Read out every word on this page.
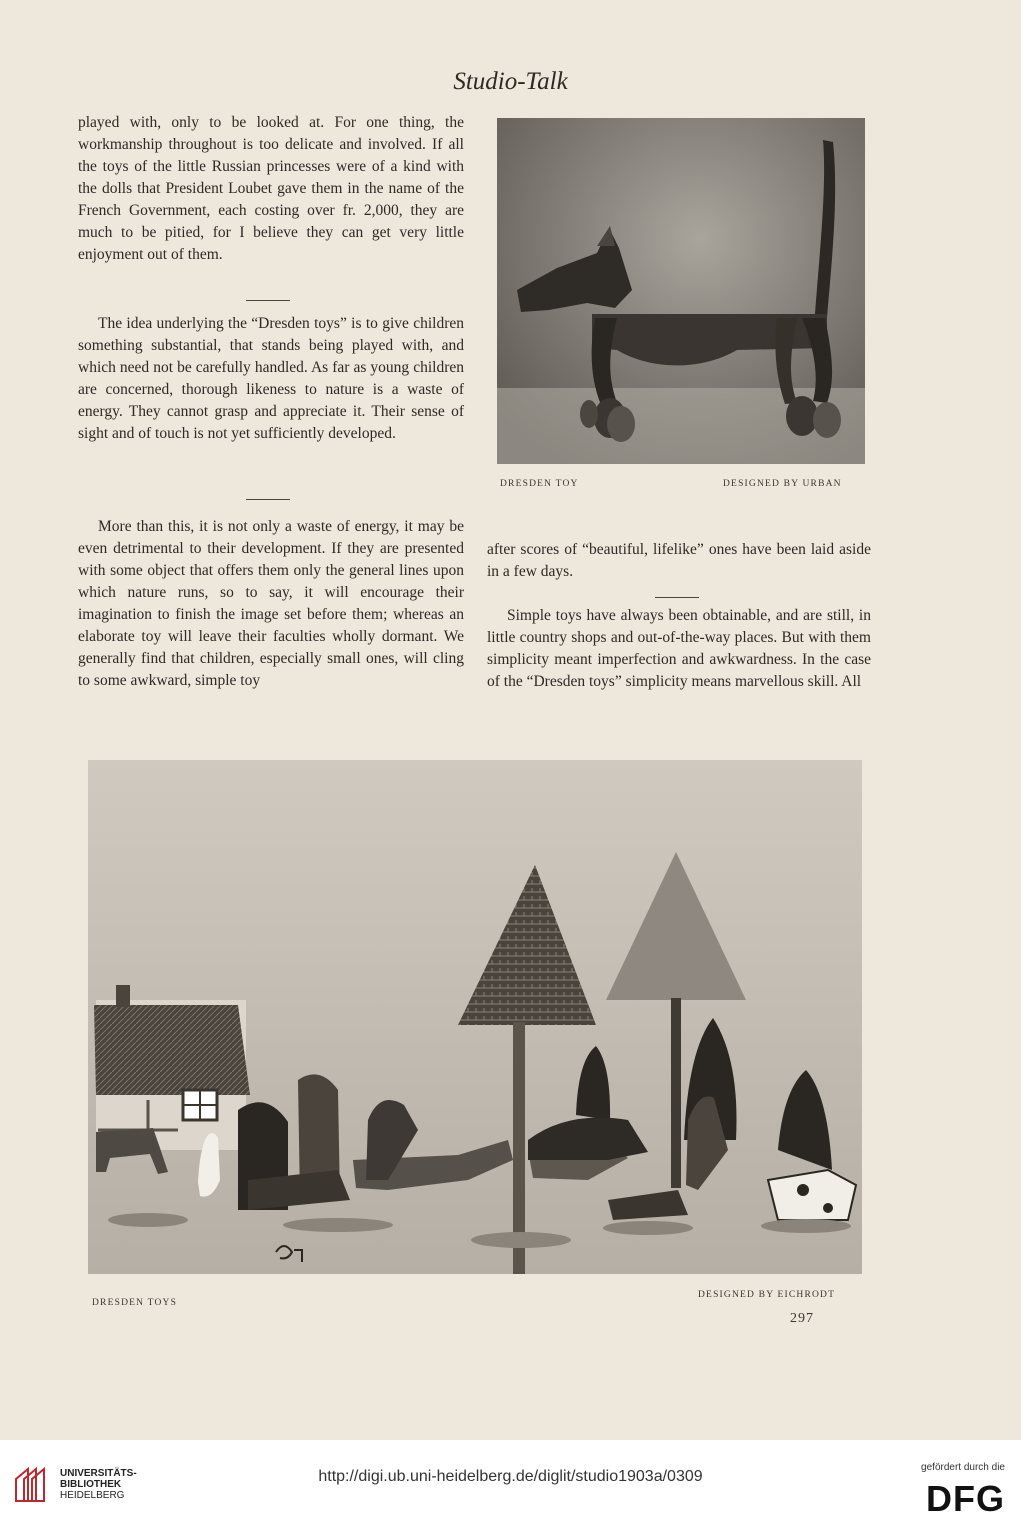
Studio-Talk

played with, only to be looked at. For one thing, the workmanship throughout is too delicate and involved. If all the toys of the little Russian princesses were of a kind with the dolls that President Loubet gave them in the name of the French Government, each costing over fr. 2,000, they are much to be pitied, for I believe they can get very little enjoyment out of them.

The idea underlying the “Dresden toys” is to give children something substantial, that stands being played with, and which need not be carefully handled. As far as young children are concerned, thorough likeness to nature is a waste of energy. They cannot grasp and appreciate it. Their sense of sight and of touch is not yet sufficiently developed.

More than this, it is not only a waste of energy, it may be even detrimental to their development. If they are presented with some object that offers them only the general lines upon which nature runs, so to say, it will encourage their imagination to finish the image set before them; whereas an elaborate toy will leave their faculties wholly dormant. We generally find that children, especially small ones, will cling to some awkward, simple toy

DRESDEN TOY	DESIGNED BY URBAN

after scores of “beautiful, lifelike” ones have been laid aside in a few days.

Simple toys have always been obtainable, and are still, in little country shops and out-of-the-way places. But with them simplicity meant imperfection and awkwardness. In the case of the “Dresden toys” simplicity means marvellous skill. All

DRESDEN TOYS
DESIGNED BY EICHRODT
297
UNIVERSITÄTS-
BIBLIOTHEK
HEIDELBERG
http://digi.ub.uni-heidelberg.de/diglit/studio1903a/0309
gefördert durch die
DFG
